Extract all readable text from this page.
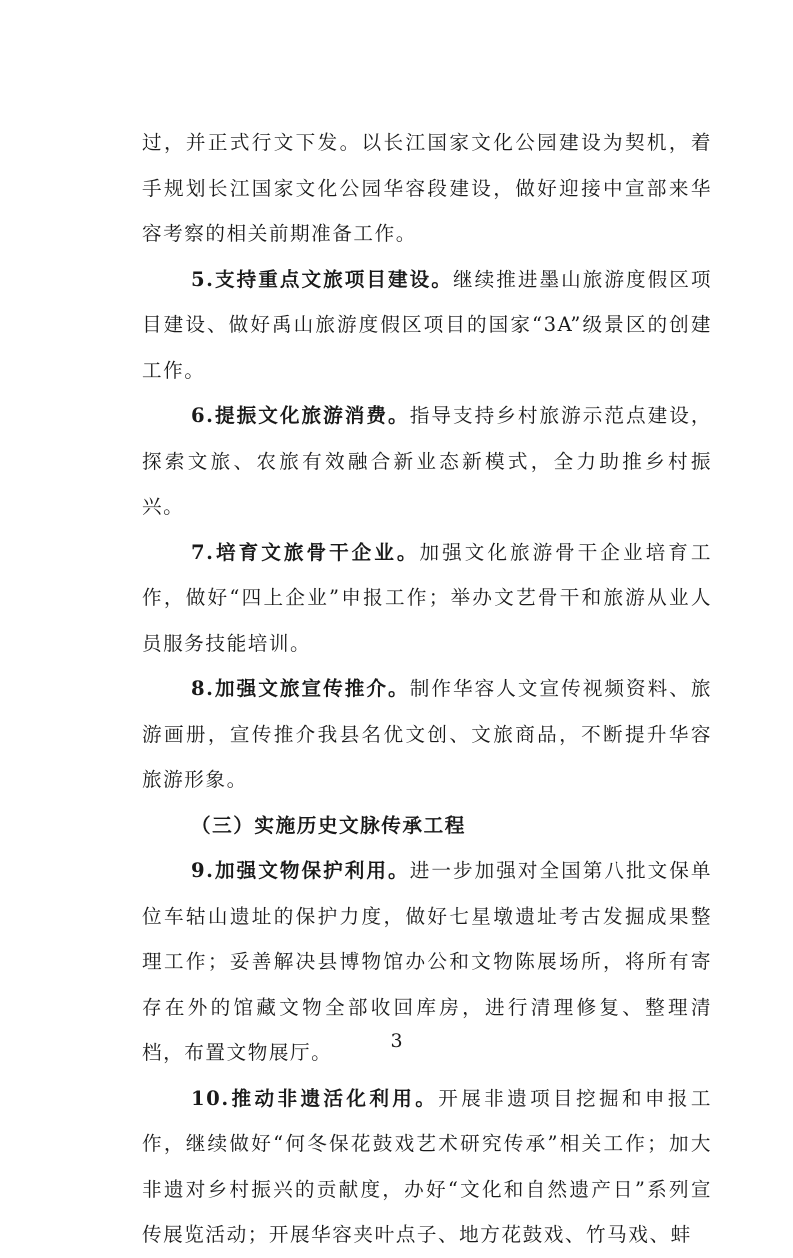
过，并正式行文下发。以长江国家文化公园建设为契机，着手规划长江国家文化公园华容段建设，做好迎接中宣部来华容考察的相关前期准备工作。

5.支持重点文旅项目建设。继续推进墨山旅游度假区项目建设、做好禹山旅游度假区项目的国家“3A”级景区的创建工作。

6.提振文化旅游消费。指导支持乡村旅游示范点建设，探索文旅、农旅有效融合新业态新模式，全力助推乡村振兴。

7.培育文旅骨干企业。加强文化旅游骨干企业培育工作，做好“四上企业”申报工作；举办文艺骨干和旅游从业人员服务技能培训。

8.加强文旅宣传推介。制作华容人文宣传视频资料、旅游画册，宣传推介我县名优文创、文旅商品，不断提升华容旅游形象。

（三）实施历史文脉传承工程

9.加强文物保护利用。进一步加强对全国第八批文保单位车轱山遗址的保护力度，做好七星墩遗址考古发掘成果整理工作；妥善解决县博物馆办公和文物陈展场所，将所有寄存在外的馆藏文物全部收回库房，进行清理修复、整理清档，布置文物展厅。

10.推动非遗活化利用。开展非遗项目挖掘和申报工作，继续做好“何冬保花鼓戏艺术研究传承”相关工作；加大非遗对乡村振兴的贡献度，办好“文化和自然遗产日”系列宣传展览活动；开展华容夹叶点子、地方花鼓戏、竹马戏、蚌

3
